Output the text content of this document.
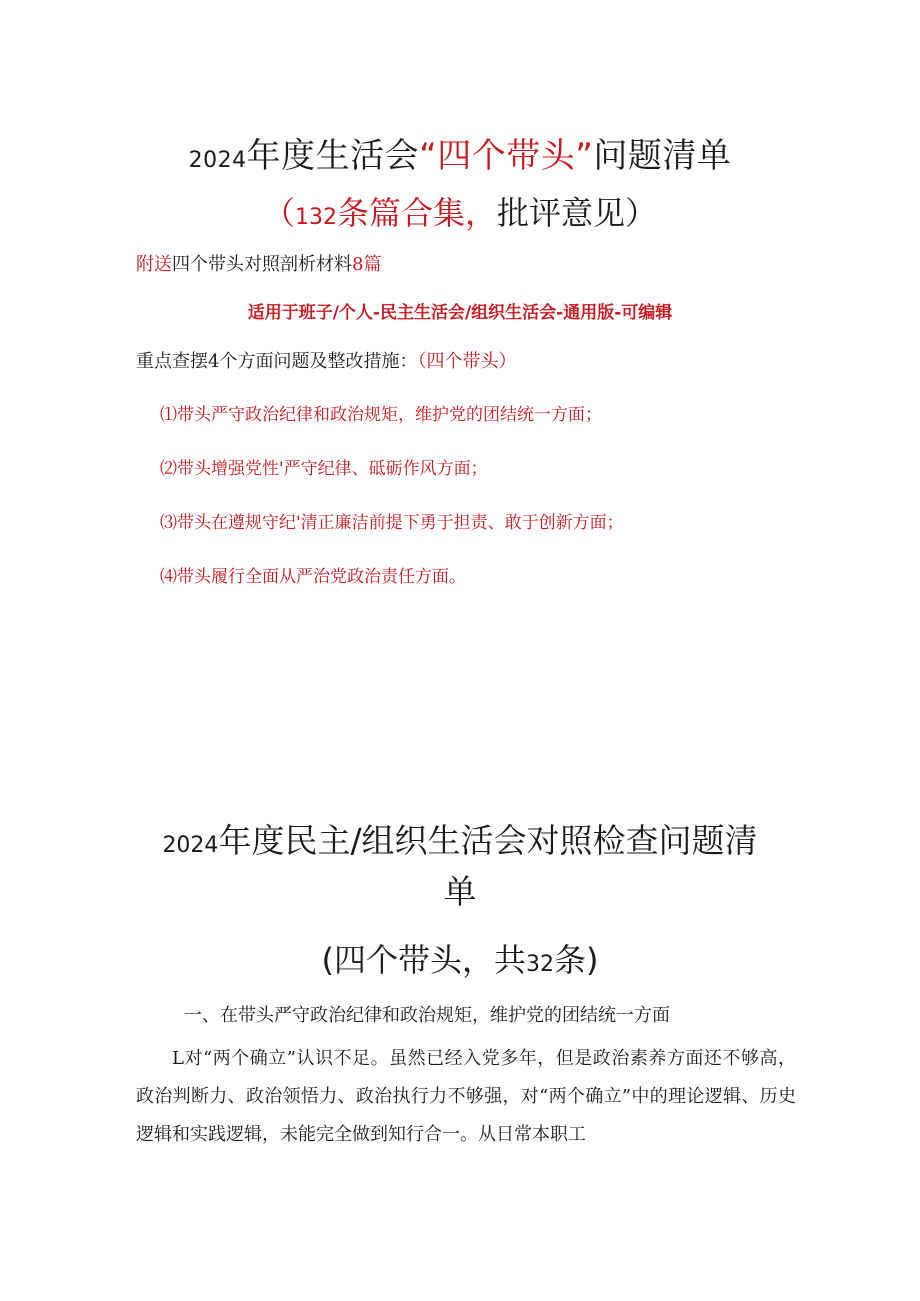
2024年度生活会“四个带头”问题清单
（132条篇合集，批评意见）
附送四个带头对照剖析材料8篇
适用于班子/个人-民主生活会/组织生活会-通用版-可编辑
重点查摆4个方面问题及整改措施：（四个带头）
⑴带头严守政治纪律和政治规矩，维护党的团结统一方面；
⑵带头增强党性'严守纪律、砥砺作风方面；
⑶带头在遵规守纪'清正廉洁前提下勇于担责、敢于创新方面；
⑷带头履行全面从严治党政治责任方面。
2024年度民主/组织生活会对照检查问题清单
(四个带头，共32条)
一、在带头严守政治纪律和政治规矩，维护党的团结统一方面
L对“两个确立”认识不足。虽然已经入党多年，但是政治素养方面还不够高，政治判断力、政治领悟力、政治执行力不够强，对“两个确立”中的理论逻辑、历史逻辑和实践逻辑，未能完全做到知行合一。从日常本职工
